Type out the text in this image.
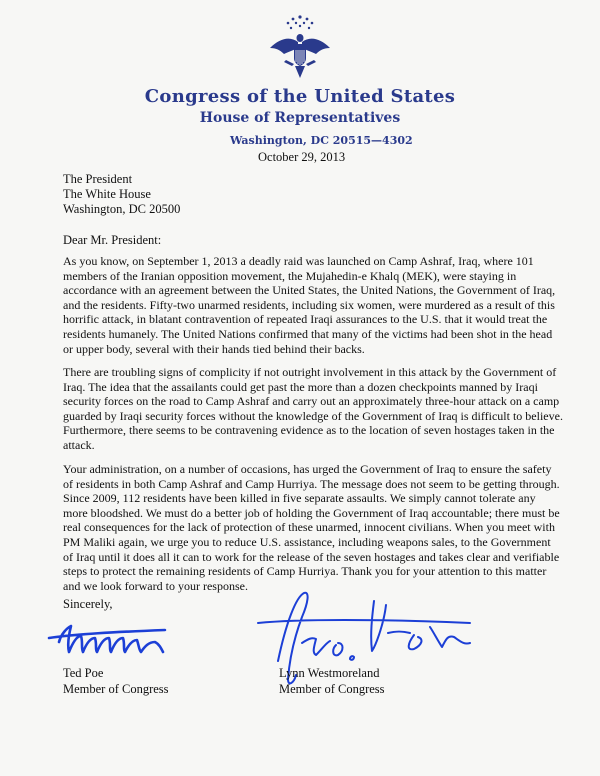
Congress of the United States
House of Representatives
Washington, DC 20515—4302
October 29, 2013
The President
The White House
Washington, DC 20500
Dear Mr. President:

As you know, on September 1, 2013 a deadly raid was launched on Camp Ashraf, Iraq, where 101 members of the Iranian opposition movement, the Mujahedin-e Khalq (MEK), were staying in accordance with an agreement between the United States, the United Nations, the Government of Iraq, and the residents. Fifty-two unarmed residents, including six women, were murdered as a result of this horrific attack, in blatant contravention of repeated Iraqi assurances to the U.S. that it would treat the residents humanely. The United Nations confirmed that many of the victims had been shot in the head or upper body, several with their hands tied behind their backs.

There are troubling signs of complicity if not outright involvement in this attack by the Government of Iraq. The idea that the assailants could get past the more than a dozen checkpoints manned by Iraqi security forces on the road to Camp Ashraf and carry out an approximately three-hour attack on a camp guarded by Iraqi security forces without the knowledge of the Government of Iraq is difficult to believe. Furthermore, there seems to be contravening evidence as to the location of seven hostages taken in the attack.

Your administration, on a number of occasions, has urged the Government of Iraq to ensure the safety of residents in both Camp Ashraf and Camp Hurriya. The message does not seem to be getting through. Since 2009, 112 residents have been killed in five separate assaults. We simply cannot tolerate any more bloodshed. We must do a better job of holding the Government of Iraq accountable; there must be real consequences for the lack of protection of these unarmed, innocent civilians. When you meet with PM Maliki again, we urge you to reduce U.S. assistance, including weapons sales, to the Government of Iraq until it does all it can to work for the release of the seven hostages and takes clear and verifiable steps to protect the remaining residents of Camp Hurriya. Thank you for your attention to this matter and we look forward to your response.

Sincerely,
Ted Poe
Member of Congress
Lynn Westmoreland
Member of Congress
